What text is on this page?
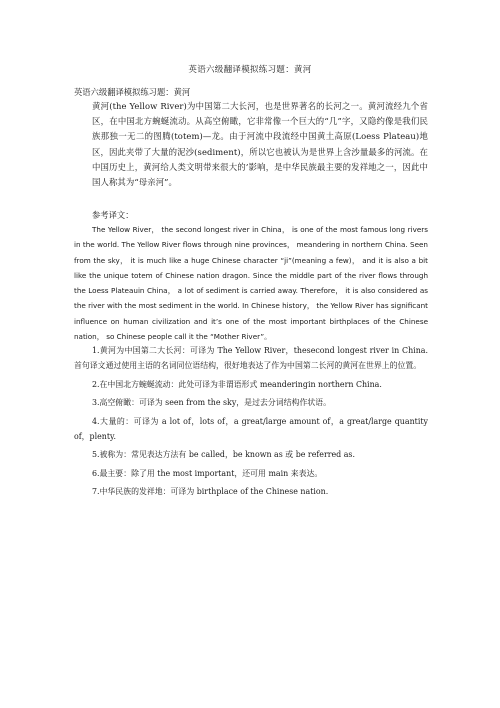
英语六级翻译模拟练习题：黄河
英语六级翻译模拟练习题：黄河
黄河(the Yellow River)为中国第二大长河，也是世界著名的长河之一。黄河流经九个省区，在中国北方蜿蜒流动。从高空俯瞰，它非常像一个巨大的“几”字，又隐约像是我们民族那独一无二的图腾(totem)—龙。由于河流中段流经中国黄土高原(Loess Plateau)地区，因此夹带了大量的泥沙(sediment)，所以它也被认为是世界上含沙量最多的河流。在中国历史上，黄河给人类文明带来很大的’影响，是中华民族最主要的发祥地之一，因此中国人称其为“母亲河”。
参考译文：
The Yellow River， the second longest river in China， is one of the most famous long rivers in the world. The Yellow River flows through nine provinces， meandering in northern China. Seen from the sky， it is much like a huge Chinese character “ji”(meaning a few)， and it is also a bit like the unique totem of Chinese nation dragon. Since the middle part of the river flows through the Loess Plateauin China， a lot of sediment is carried away. Therefore， it is also considered as the river with the most sediment in the world. In Chinese history， the Yellow River has significant influence on human civilization and it’s one of the most important birthplaces of the Chinese nation， so Chinese people call it the “Mother River”。

1.黄河为中国第二大长河：可译为 The Yellow River，thesecond longest river in China.首句译文通过使用主语的名词同位语结构，很好地表达了作为中国第二长河的黄河在世界上的位置。

2.在中国北方蜿蜒流动：此处可译为非谓语形式 meanderingin northern China.

3.高空俯瞰：可译为 seen from the sky，是过去分词结构作状语。

4.大量的：可译为 a lot of，lots of，a great/large amount of，a great/large quantity of，plenty.

5.被称为：常见表达方法有 be called，be known as 或 be referred as.

6.最主要：除了用 the most important，还可用 main 来表达。

7.中华民族的发祥地：可译为 birthplace of the Chinese nation.
